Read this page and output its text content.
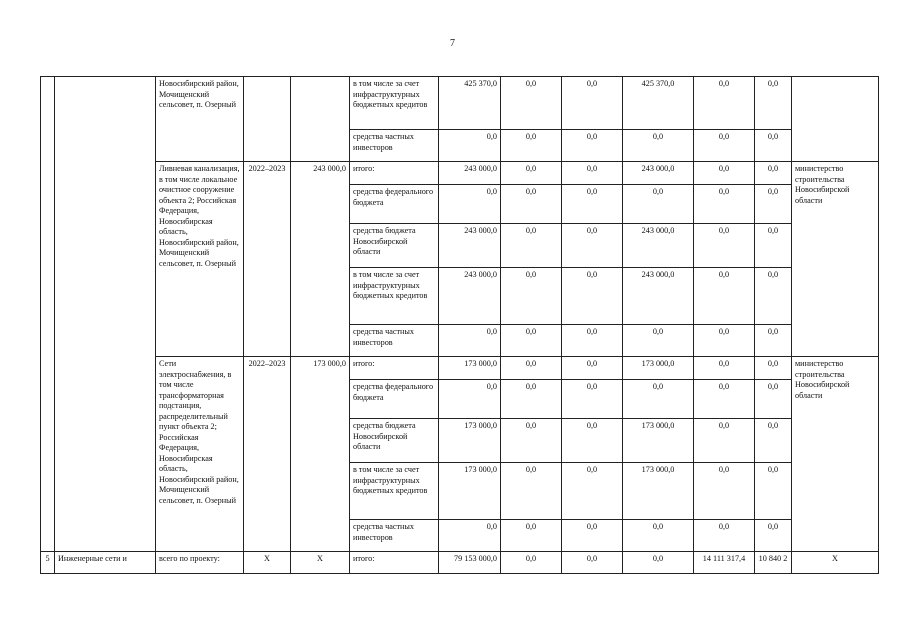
7
		Новосибирский район, Мочищенский сельсовет, п. Озерный			в том числе за счет инфраструктурных бюджетных кредитов	425 370,0	0,0	0,0	425 370,0	0,0	0,0	
					средства частных инвесторов	0,0	0,0	0,0	0,0	0,0	0,0	
		Ливневая канализация, в том числе локальное очистное сооружение объекта 2; Российская Федерация, Новосибирская область, Новосибирский район, Мочищенский сельсовет, п. Озерный	2022–2023	243 000,0	итого:	243 000,0	0,0	0,0	243 000,0	0,0	0,0	министерство строительства Новосибирской области
					средства федерального бюджета	0,0	0,0	0,0	0,0	0,0	0,0	
					средства бюджета Новосибирской области	243 000,0	0,0	0,0	243 000,0	0,0	0,0	
					в том числе за счет инфраструктурных бюджетных кредитов	243 000,0	0,0	0,0	243 000,0	0,0	0,0	
					средства частных инвесторов	0,0	0,0	0,0	0,0	0,0	0,0	
		Сети электроснабжения, в том числе трансформаторная подстанция, распределительный пункт объекта 2; Российская Федерация, Новосибирская область, Новосибирский район, Мочищенский сельсовет, п. Озерный	2022–2023	173 000,0	итого:	173 000,0	0,0	0,0	173 000,0	0,0	0,0	министерство строительства Новосибирской области
					средства федерального бюджета	0,0	0,0	0,0	0,0	0,0	0,0	
					средства бюджета Новосибирской области	173 000,0	0,0	0,0	173 000,0	0,0	0,0	
					в том числе за счет инфраструктурных бюджетных кредитов	173 000,0	0,0	0,0	173 000,0	0,0	0,0	
					средства частных инвесторов	0,0	0,0	0,0	0,0	0,0	0,0	
5	Инженерные сети и	всего по проекту:	Х	Х	итого:	79 153 000,0	0,0	0,0	0,0	14 111 317,4	10 840 2	Х
